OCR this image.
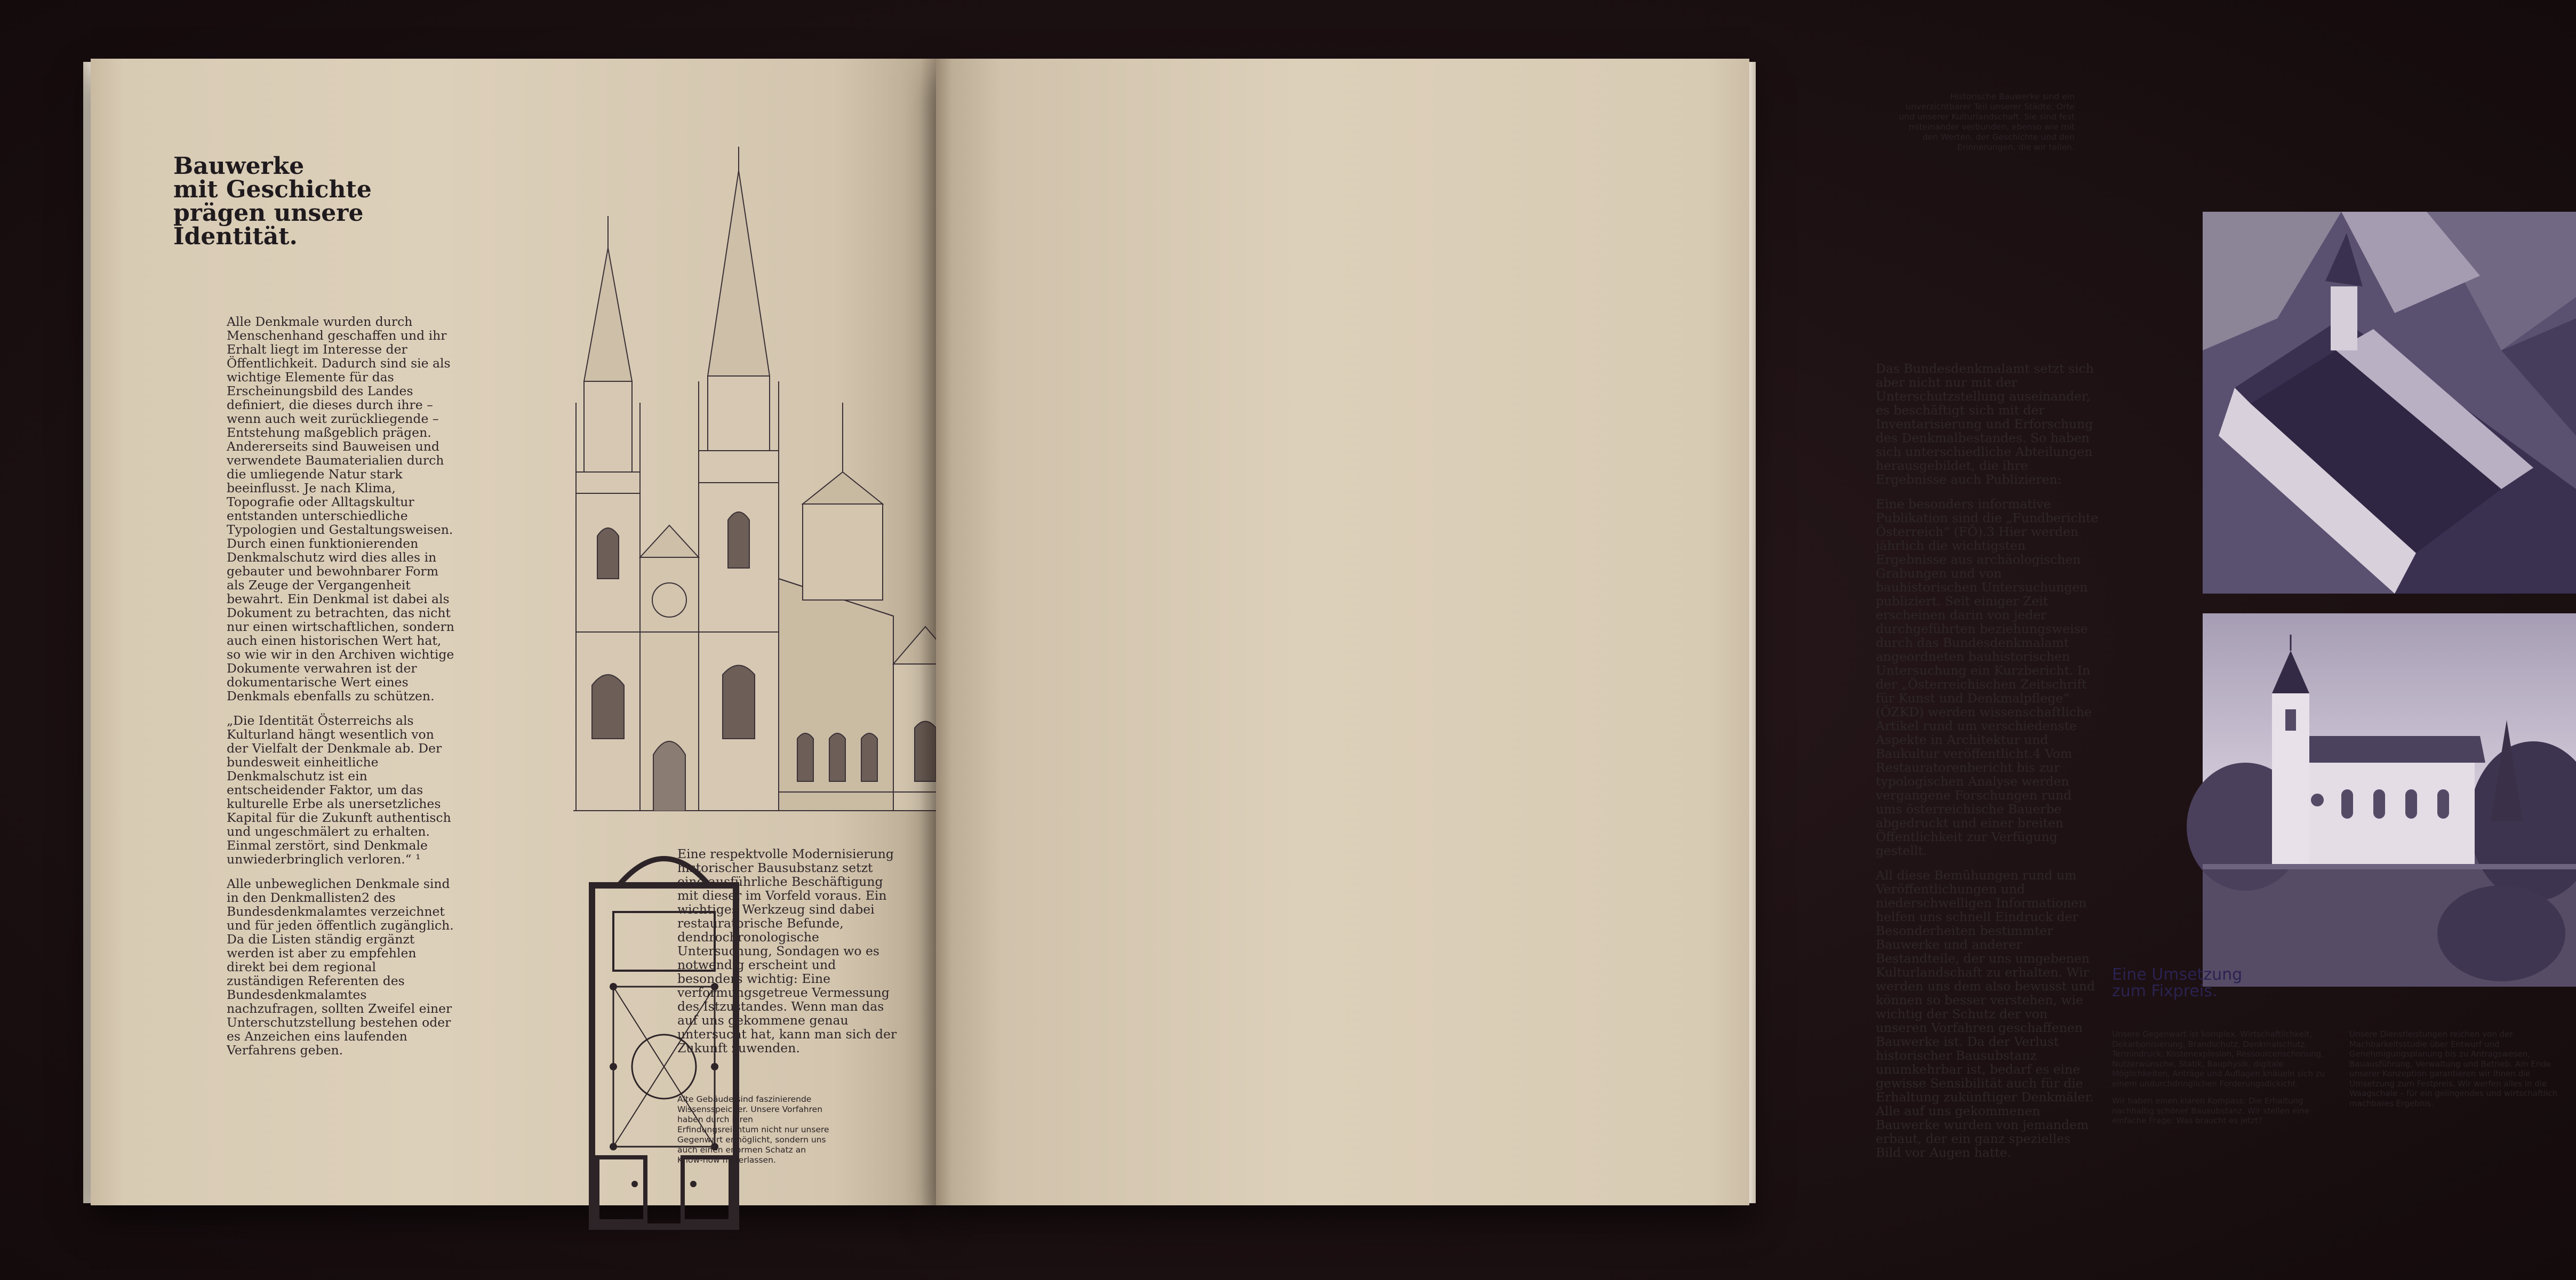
Bauwerke
mit Geschichte
prägen unsere
Identität.

Alle Denkmale wurden durch Menschenhand geschaffen und ihr Erhalt liegt im Interesse der Öffentlichkeit. Dadurch sind sie als wichtige Elemente für das Erscheinungsbild des Landes definiert, die dieses durch ihre – wenn auch weit zurückliegende – Entstehung maßgeblich prägen. Andererseits sind Bauweisen und verwendete Baumaterialien durch die umliegende Natur stark beeinflusst. Je nach Klima, Topografie oder Alltagskultur entstanden unterschiedliche Typologien und Gestaltungsweisen. Durch einen funktionierenden Denkmalschutz wird dies alles in gebauter und bewohnbarer Form als Zeuge der Vergangenheit bewahrt. Ein Denkmal ist dabei als Dokument zu betrachten, das nicht nur einen wirtschaftlichen, sondern auch einen historischen Wert hat, so wie wir in den Archiven wichtige Dokumente verwahren ist der dokumentarische Wert eines Denkmals ebenfalls zu schützen.

„Die Identität Österreichs als Kulturland hängt wesentlich von der Vielfalt der Denkmale ab. Der bundesweit einheitliche Denkmalschutz ist ein entscheidender Faktor, um das kulturelle Erbe als unersetzliches Kapital für die Zukunft authentisch und ungeschmälert zu erhalten. Einmal zerstört, sind Denkmale unwiederbringlich verloren.“ ¹

Alle unbeweglichen Denkmale sind in den Denkmallisten2 des Bundesdenkmalamtes verzeichnet und für jeden öffentlich zugänglich. Da die Listen ständig ergänzt werden ist aber zu empfehlen direkt bei dem regional zuständigen Referenten des Bundesdenkmalamtes nachzufragen, sollten Zweifel einer Unterschutzstellung bestehen oder es Anzeichen eins laufenden Verfahrens geben.

Eine respektvolle Modernisierung historischer Bausubstanz setzt eine ausführliche Beschäftigung mit dieser im Vorfeld voraus. Ein wichtiges Werkzeug sind dabei restauratorische Befunde, dendrochronologische Untersuchung, Sondagen wo es notwendig erscheint und besonders wichtig: Eine verformungsgetreue Vermessung des Istzustandes. Wenn man das auf uns gekommene genau untersucht hat, kann man sich der Zukunft zuwenden.

Alte Gebäude sind faszinierende Wissensspeicher. Unsere Vorfahren haben durch ihren Erfindungsreichtum nicht nur unsere Gegenwart ermöglicht, sondern uns auch einen enormen Schatz an Know-how hinterlassen.
Historische Bauwerke sind ein unverzichtbarer Teil unserer Städte, Orte und unserer Kulturlandschaft. Sie sind fest miteinander verbunden, ebenso wie mit den Werten, der Geschichte und den Erinnerungen, die wir teilen.

Das Bundesdenkmalamt setzt sich aber nicht nur mit der Unterschutzstellung auseinander, es beschäftigt sich mit der Inventarisierung und Erforschung des Denkmalbestandes. So haben sich unterschiedliche Abteilungen herausgebildet, die ihre Ergebnisse auch Publizieren:

Eine besonders informative Publikation sind die „Fundberichte Österreich“ (FÖ).3 Hier werden jährlich die wichtigsten Ergebnisse aus archäologischen Grabungen und von bauhistorischen Untersuchungen publiziert. Seit einiger Zeit erscheinen darin von jeder durchgeführten beziehungsweise durch das Bundesdenkmalamt angeordneten bauhistorischen Untersuchung ein Kurzbericht. In der „Österreichischen Zeitschrift für Kunst und Denkmalpflege“ (ÖZKD) werden wissenschaftliche Artikel rund um verschiedenste Aspekte in Architektur und Baukultur veröffentlicht.4 Vom Restauratorenbericht bis zur typologischen Analyse werden vergangene Forschungen rund ums österreichische Bauerbe abgedruckt und einer breiten Öffentlichkeit zur Verfügung gestellt.

All diese Bemühungen rund um Veröffentlichungen und niederschwelligen Informationen helfen uns schnell Eindruck der Besonderheiten bestimmter Bauwerke und anderer Bestandteile, der uns umgebenen Kulturlandschaft zu erhalten. Wir werden uns dem also bewusst und können so besser verstehen, wie wichtig der Schutz der von unseren Vorfahren geschaffenen Bauwerke ist. Da der Verlust historischer Bausubstanz unumkehrbar ist, bedarf es eine gewisse Sensibilität auch für die Erhaltung zukünftiger Denkmäler. Alle auf uns gekommenen Bauwerke wurden von jemandem erbaut, der ein ganz spezielles Bild vor Augen hatte.

Eine Umsetzung
zum Fixpreis.

Unsere Gegenwart ist komplex. Wirtschaftlichkeit, Dekarbonisierung, Brandschutz, Denkmalschutz, Termindruck, Kostenexplosion, Ressourcenschonung, Nutzerwünsche, Statik, Bauphysik, digitale Möglichkeiten, Anträge und Auflagen knäueln sich zu einem undurchdringlichen Forderungsdickicht.

Wir haben einen klaren Kompass: Die Erhaltung nachhaltig schöner Bausubstanz. Wir stellen eine einfache Frage: Was braucht es jetzt?

Unsere Dienstleistungen reichen von der Machbarkeitsstudie über Entwurf und Genehmigungsplanung bis zu Antragswesen, Bauausführung, Verwaltung und Betrieb. Am Ende unserer Konzeption garantieren wir Ihnen die Umsetzung zum Festpreis. Wir werfen alles in die Waagschale – für ein gelingendes und wirtschaftlich machbares Ergebnis.
